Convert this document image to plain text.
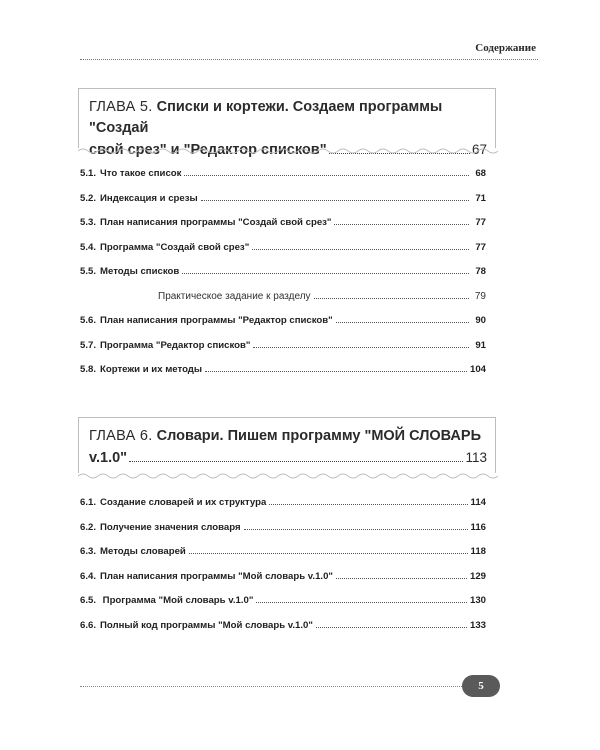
Содержание
ГЛАВА 5. Списки и кортежи. Создаем программы "Создай
свой срез" и "Редактор списков"	67
5.1. Что такое список	68
5.2. Индексация и срезы	71
5.3. План написания программы "Создай свой срез"	77
5.4. Программа "Создай свой срез"	77
5.5. Методы списков	78
Практическое задание к разделу	79
5.6. План написания программы "Редактор списков"	90
5.7. Программа "Редактор списков"	91
5.8. Кортежи и их методы	104
ГЛАВА 6. Словари. Пишем программу "МОЙ СЛОВАРЬ
v.1.0"	113
6.1. Создание словарей и их структура	114
6.2. Получение значения словаря	116
6.3. Методы словарей	118
6.4. План написания программы "Мой словарь v.1.0"	129
6.5. Программа "Мой словарь v.1.0"	130
6.6. Полный код программы "Мой словарь v.1.0"	133
5
